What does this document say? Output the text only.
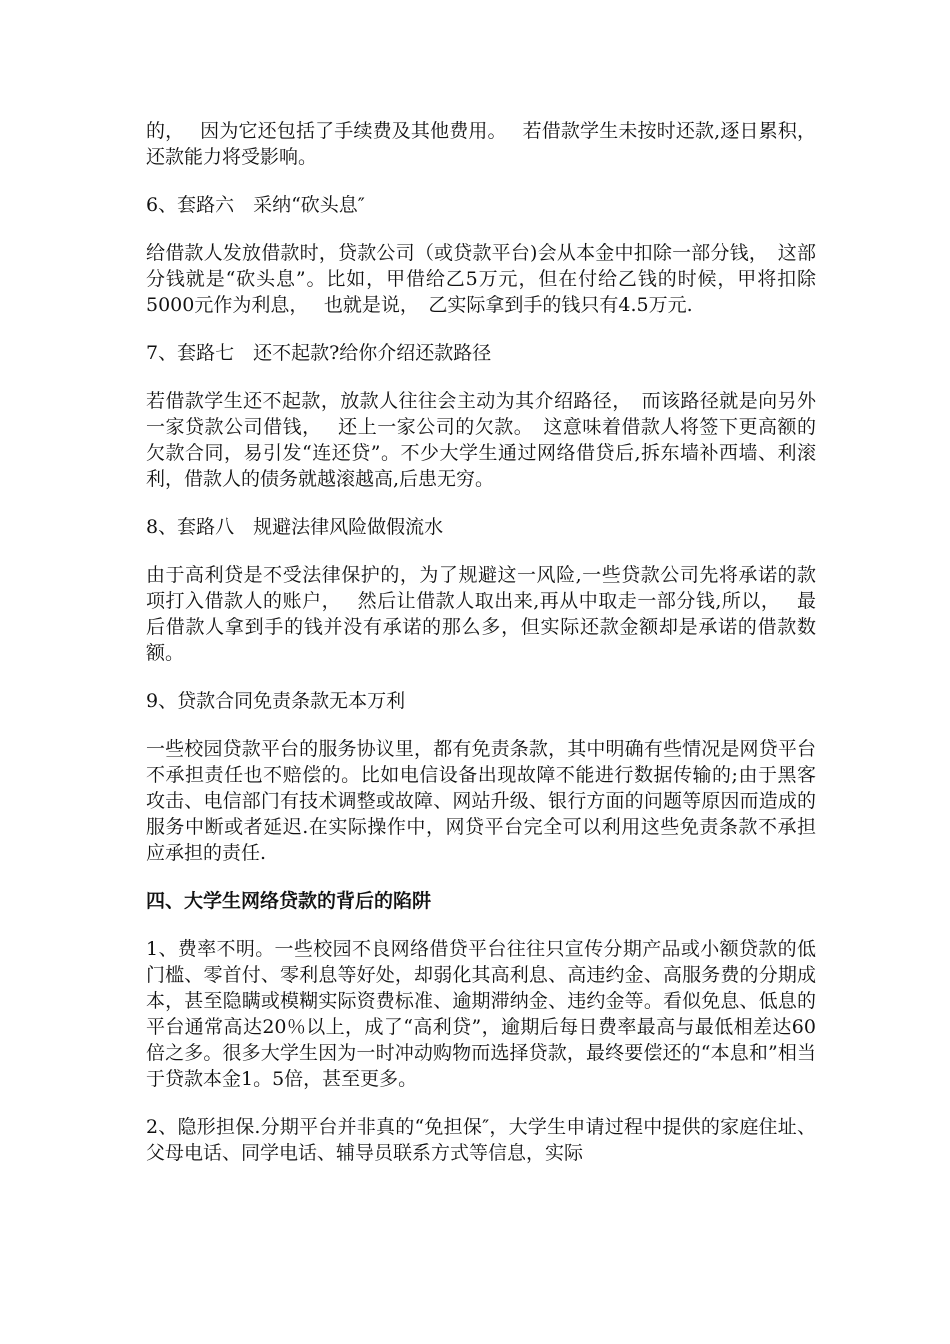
的，　 因为它还包括了手续费及其他费用。　 若借款学生未按时还款,逐日累积，还款能力将受影响。

6、套路六　采纳“砍头息″

给借款人发放借款时，贷款公司（或贷款平台)会从本金中扣除一部分钱，　这部分钱就是“砍头息”。比如，甲借给乙5万元，但在付给乙钱的时候，甲将扣除5000元作为利息，　 也就是说，　乙实际拿到手的钱只有4.5万元.

7、套路七　还不起款?给你介绍还款路径

若借款学生还不起款，放款人往往会主动为其介绍路径，　而该路径就是向另外一家贷款公司借钱，　 还上一家公司的欠款。　这意味着借款人将签下更高额的欠款合同，易引发“连还贷”。不少大学生通过网络借贷后,拆东墙补西墙、利滚利，借款人的债务就越滚越高,后患无穷。

8、套路八　规避法律风险做假流水

由于高利贷是不受法律保护的，为了规避这一风险,一些贷款公司先将承诺的款项打入借款人的账户，　 然后让借款人取出来,再从中取走一部分钱,所以，　 最后借款人拿到手的钱并没有承诺的那么多，但实际还款金额却是承诺的借款数额。

9、贷款合同免责条款无本万利

一些校园贷款平台的服务协议里，都有免责条款，其中明确有些情况是网贷平台不承担责任也不赔偿的。比如电信设备出现故障不能进行数据传输的;由于黑客攻击、电信部门有技术调整或故障、网站升级、银行方面的问题等原因而造成的服务中断或者延迟.在实际操作中，网贷平台完全可以利用这些免责条款不承担应承担的责任.

四、大学生网络贷款的背后的陷阱

1、费率不明。一些校园不良网络借贷平台往往只宣传分期产品或小额贷款的低门槛、零首付、零利息等好处，却弱化其高利息、高违约金、高服务费的分期成本，甚至隐瞒或模糊实际资费标准、逾期滞纳金、违约金等。看似免息、低息的平台通常高达20％以上，成了“高利贷”，逾期后每日费率最高与最低相差达60倍之多。很多大学生因为一时冲动购物而选择贷款，最终要偿还的“本息和”相当于贷款本金1。5倍，甚至更多。

2、隐形担保.分期平台并非真的“免担保″，大学生申请过程中提供的家庭住址、父母电话、同学电话、辅导员联系方式等信息，实际
